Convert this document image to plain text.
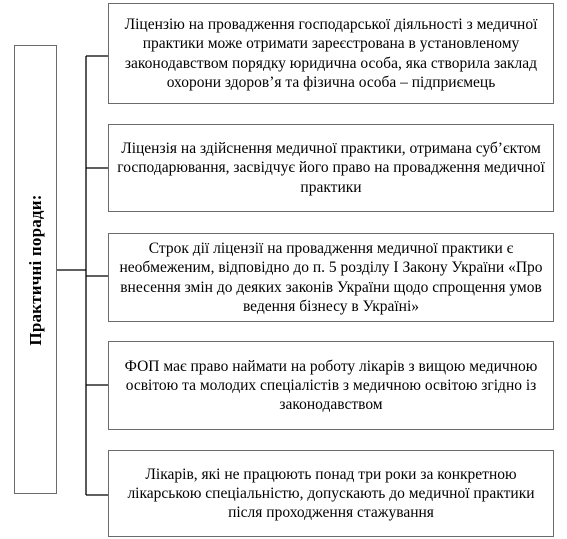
Практичні поради:
Ліцензію на провадження господарської діяльності з медичної практики може отримати зареєстрована в установленому законодавством порядку юридична особа, яка створила заклад охорони здоров’я та фізична особа – підприємець
Ліцензія на здійснення медичної практики, отримана суб’єктом господарювання, засвідчує його право на провадження медичної практики
Строк дії ліцензії на провадження медичної практики є необмеженим, відповідно до п. 5 розділу І Закону України «Про внесення змін до деяких законів України щодо спрощення умов ведення бізнесу в Україні»
ФОП має право наймати на роботу лікарів з вищою медичною освітою та молодих спеціалістів з медичною освітою згідно із законодавством
Лікарів, які не працюють понад три роки за конкретною лікарською спеціальністю, допускають до медичної практики після проходження стажування
